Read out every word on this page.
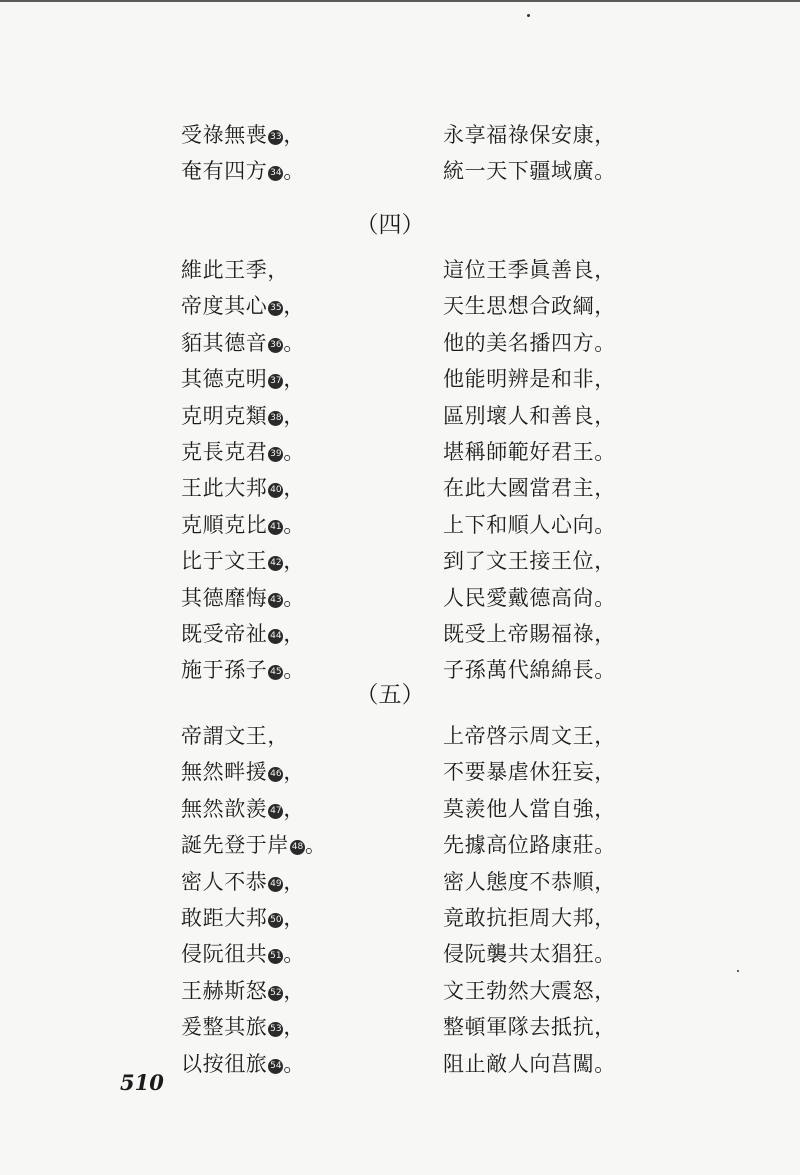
受祿無喪 33，	永享福祿保安康，
奄有四方 34。	統一天下疆域廣。
（四）
維此王季，	這位王季眞善良，
帝度其心 35，	天生思想合政綱，
貊其德音 36。	他的美名播四方。
其德克明 37，	他能明辨是和非，
克明克類 38，	區別壞人和善良，
克長克君 39。	堪稱師範好君王。
王此大邦 40，	在此大國當君主，
克順克比 41。	上下和順人心向。
比于文王 42，	到了文王接王位，
其德靡悔 43。	人民愛戴德高尙。
既受帝祉 44，	既受上帝賜福祿，
施于孫子 45。	子孫萬代綿綿長。
（五）
帝謂文王，	上帝啓示周文王，
無然畔援 46，	不要暴虐休狂妄，
無然歆羨 47，	莫羨他人當自強，
誕先登于岸 48。	先據高位路康莊。
密人不恭 49，	密人態度不恭順，
敢距大邦 50，	竟敢抗拒周大邦，
侵阮徂共 51。	侵阮襲共太猖狂。
王赫斯怒 52，	文王勃然大震怒，
爰整其旅 53，	整頓軍隊去抵抗，
以按徂旅 54。	阻止敵人向莒闖。
510
